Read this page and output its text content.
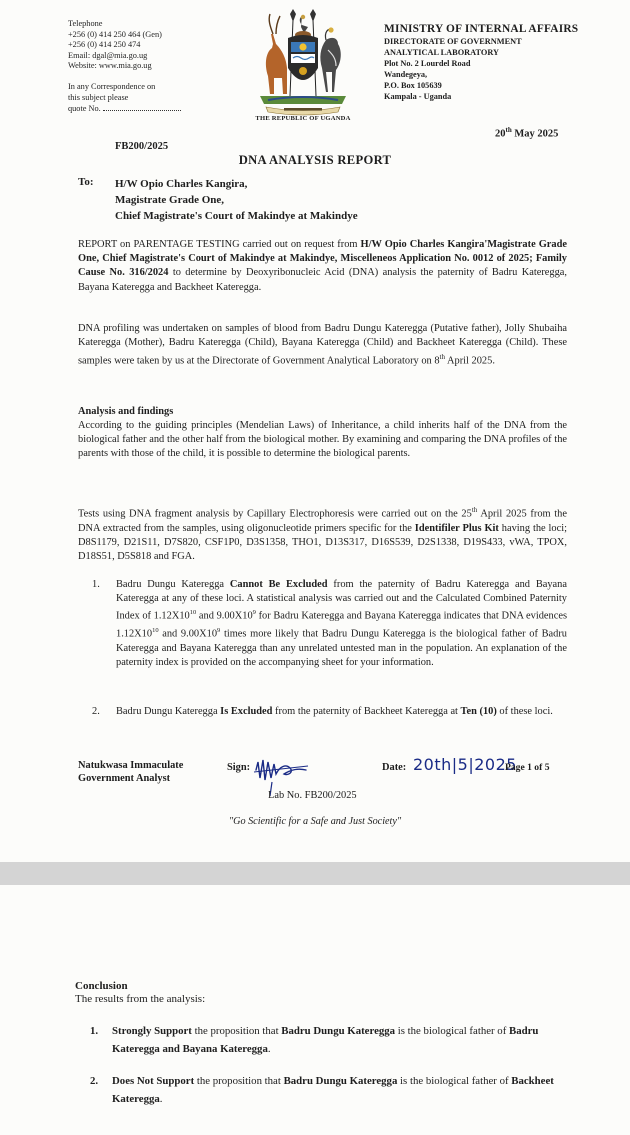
Telephone
+256 (0) 414 250 464 (Gen)
+256 (0) 414 250 474
Email: dgal@mia.go.ug
Website: www.mia.go.ug
In any Correspondence on
this subject please
quote No.
THE REPUBLIC OF UGANDA
MINISTRY OF INTERNAL AFFAIRS
DIRECTORATE OF GOVERNMENT
ANALYTICAL LABORATORY
Plot No. 2 Lourdel Road
Wandegeya,
P.O. Box 105639
Kampala - Uganda
20th May 2025
FB200/2025
DNA ANALYSIS REPORT
To: H/W Opio Charles Kangira,
Magistrate Grade One,
Chief Magistrate's Court of Makindye at Makindye
REPORT on PARENTAGE TESTING carried out on request from H/W Opio Charles Kangira'Magistrate Grade One, Chief Magistrate's Court of Makindye at Makindye, Miscelleneos Application No. 0012 of 2025; Family Cause No. 316/2024 to determine by Deoxyribonucleic Acid (DNA) analysis the paternity of Badru Kateregga, Bayana Kateregga and Backheet Kateregga.
DNA profiling was undertaken on samples of blood from Badru Dungu Kateregga (Putative father), Jolly Shubaiha Kateregga (Mother), Badru Kateregga (Child), Bayana Kateregga (Child) and Backheet Kateregga (Child). These samples were taken by us at the Directorate of Government Analytical Laboratory on 8th April 2025.
Analysis and findings
According to the guiding principles (Mendelian Laws) of Inheritance, a child inherits half of the DNA from the biological father and the other half from the biological mother. By examining and comparing the DNA profiles of the parents with those of the child, it is possible to determine the biological parents.
Tests using DNA fragment analysis by Capillary Electrophoresis were carried out on the 25th April 2025 from the DNA extracted from the samples, using oligonucleotide primers specific for the Identifiler Plus Kit having the loci; D8S1179, D21S11, D7S820, CSF1P0, D3S1358, THO1, D13S317, D16S539, D2S1338, D19S433, vWA, TPOX, D18S51, D5S818 and FGA.
1. Badru Dungu Kateregga Cannot Be Excluded from the paternity of Badru Kateregga and Bayana Kateregga at any of these loci. A statistical analysis was carried out and the Calculated Combined Paternity Index of $1.12X10^{10}$ and $9.00X10^9$ for Badru Kateregga and Bayana Kateregga indicates that DNA evidences $1.12X10^{10}$ and $9.00X10^9$ times more likely that Badru Dungu Kateregga is the biological father of Badru Kateregga and Bayana Kateregga than any unrelated untested man in the population. An explanation of the paternity index is provided on the accompanying sheet for your information.
2. Badru Dungu Kateregga Is Excluded from the paternity of Backheet Kateregga at Ten (10) of these loci.
Natukwasa Immaculate
Government Analyst
Sign:	Date: 20th|5|2025
Page 1 of 5
Lab No. FB200/2025
"Go Scientific for a Safe and Just Society"
Conclusion
The results from the analysis:
1. Strongly Support the proposition that Badru Dungu Kateregga is the biological father of Badru Kateregga and Bayana Kateregga.
2. Does Not Support the proposition that Badru Dungu Kateregga is the biological father of Backheet Kateregga.
